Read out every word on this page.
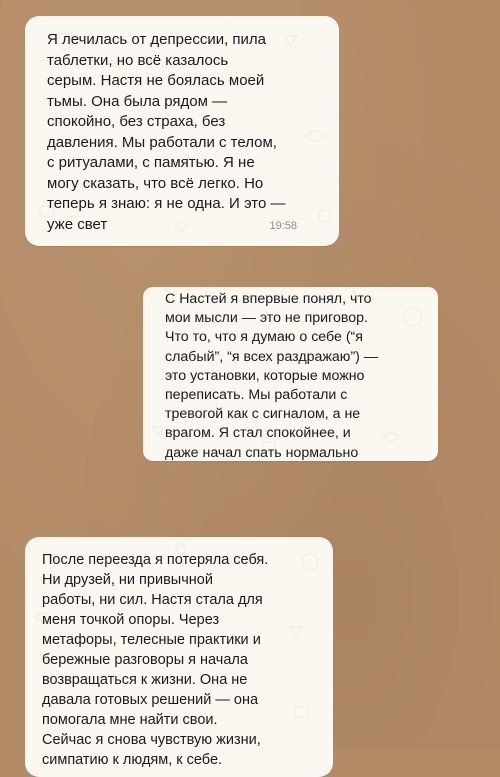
Я лечилась от депрессии, пила
таблетки, но всё казалось
серым. Настя не боялась моей
тьмы. Она была рядом —
спокойно, без страха, без
давления. Мы работали с телом,
с ритуалами, с памятью. Я не
могу сказать, что всё легко. Но
теперь я знаю: я не одна. И это —
уже свет	19:58
С Настей я впервые понял, что
мои мысли — это не приговор.
Что то, что я думаю о себе (“я
слабый”, “я всех раздражаю”) —
это установки, которые можно
переписать. Мы работали с
тревогой как с сигналом, а не
врагом. Я стал спокойнее, и
даже начал спать нормально
После переезда я потеряла себя.
Ни друзей, ни привычной
работы, ни сил. Настя стала для
меня точкой опоры. Через
метафоры, телесные практики и
бережные разговоры я начала
возвращаться к жизни. Она не
давала готовых решений — она
помогала мне найти свои.
Сейчас я снова чувствую жизни,
симпатию к людям, к себе.
